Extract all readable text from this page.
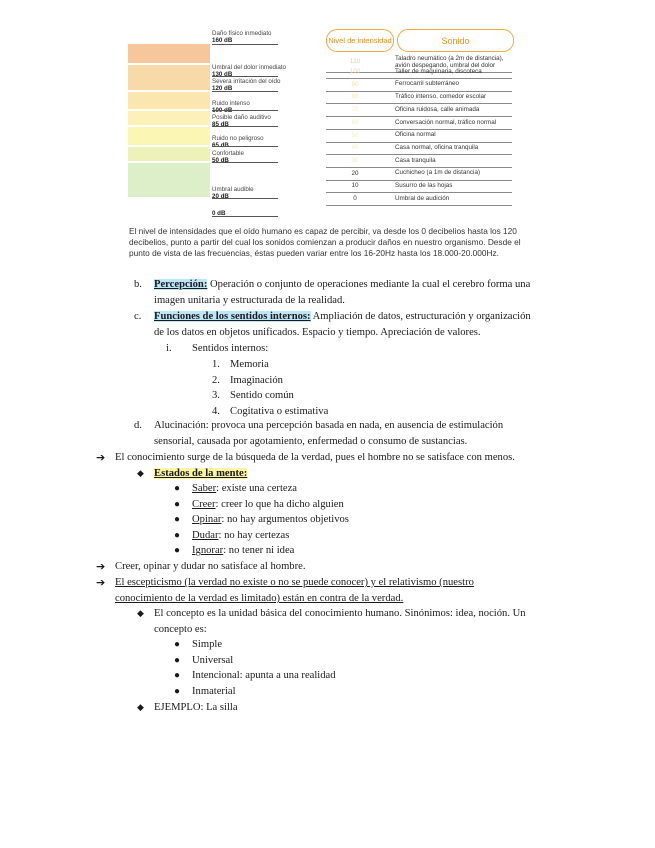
Daño físico inmediato
160 dB
Umbral del dolor inmediato
130 dB
Severa irritación del oído
120 dB
Ruido intenso
100 dB
Posible daño auditivo
85 dB
Ruido no peligroso
65 dB
Confortable
50 dB
Umbral audible
20 dB
0 dB
Nivel de intensidad	Sonido
120	Taladro neumático (a 2m de distancia), avión despegando, umbral del dolor
100	Taller de maquinaria, discoteca
90	Ferrocarril subterráneo
80	Tráfico intenso, comedor escolar
70	Oficina ruidosa, calle animada
60	Conversación normal, tráfico normal
50	Oficina normal
40	Casa normal, oficina tranquila
30	Casa tranquila
20	Cuchicheo (a 1m de distancia)
10	Susurro de las hojas
0	Umbral de audición
El nivel de intensidades que el oído humano es capaz de percibir, va desde los 0 decibelios hasta los 120 decibelios, punto a partir del cual los sonidos comienzan a producir daños en nuestro organismo. Desde el punto de vista de las frecuencias, éstas pueden variar entre los 16-20Hz hasta los 18.000-20.000Hz.
b. Percepción: Operación o conjunto de operaciones mediante la cual el cerebro forma una
imagen unitaria y estructurada de la realidad.
c. Funciones de los sentidos internos: Ampliación de datos, estructuración y organización
de los datos en objetos unificados. Espacio y tiempo. Apreciación de valores.
i. Sentidos internos:
1. Memoria
2. Imaginación
3. Sentido común
4. Cogitativa o estimativa
d. Alucinación: provoca una percepción basada en nada, en ausencia de estimulación
sensorial, causada por agotamiento, enfermedad o consumo de sustancias.
➔ El conocimiento surge de la búsqueda de la verdad, pues el hombre no se satisface con menos.
◆ Estados de la mente:
● Saber: existe una certeza
● Creer: creer lo que ha dicho alguien
● Opinar: no hay argumentos objetivos
● Dudar: no hay certezas
● Ignorar: no tener ni idea
➔ Creer, opinar y dudar no satisface al hombre.
➔ El escepticismo (la verdad no existe o no se puede conocer) y el relativismo (nuestro
conocimiento de la verdad es limitado) están en contra de la verdad.
◆ El concepto es la unidad básica del conocimiento humano. Sinónimos: idea, noción. Un
concepto es:
● Simple
● Universal
● Intencional: apunta a una realidad
● Inmaterial
◆ EJEMPLO: La silla
